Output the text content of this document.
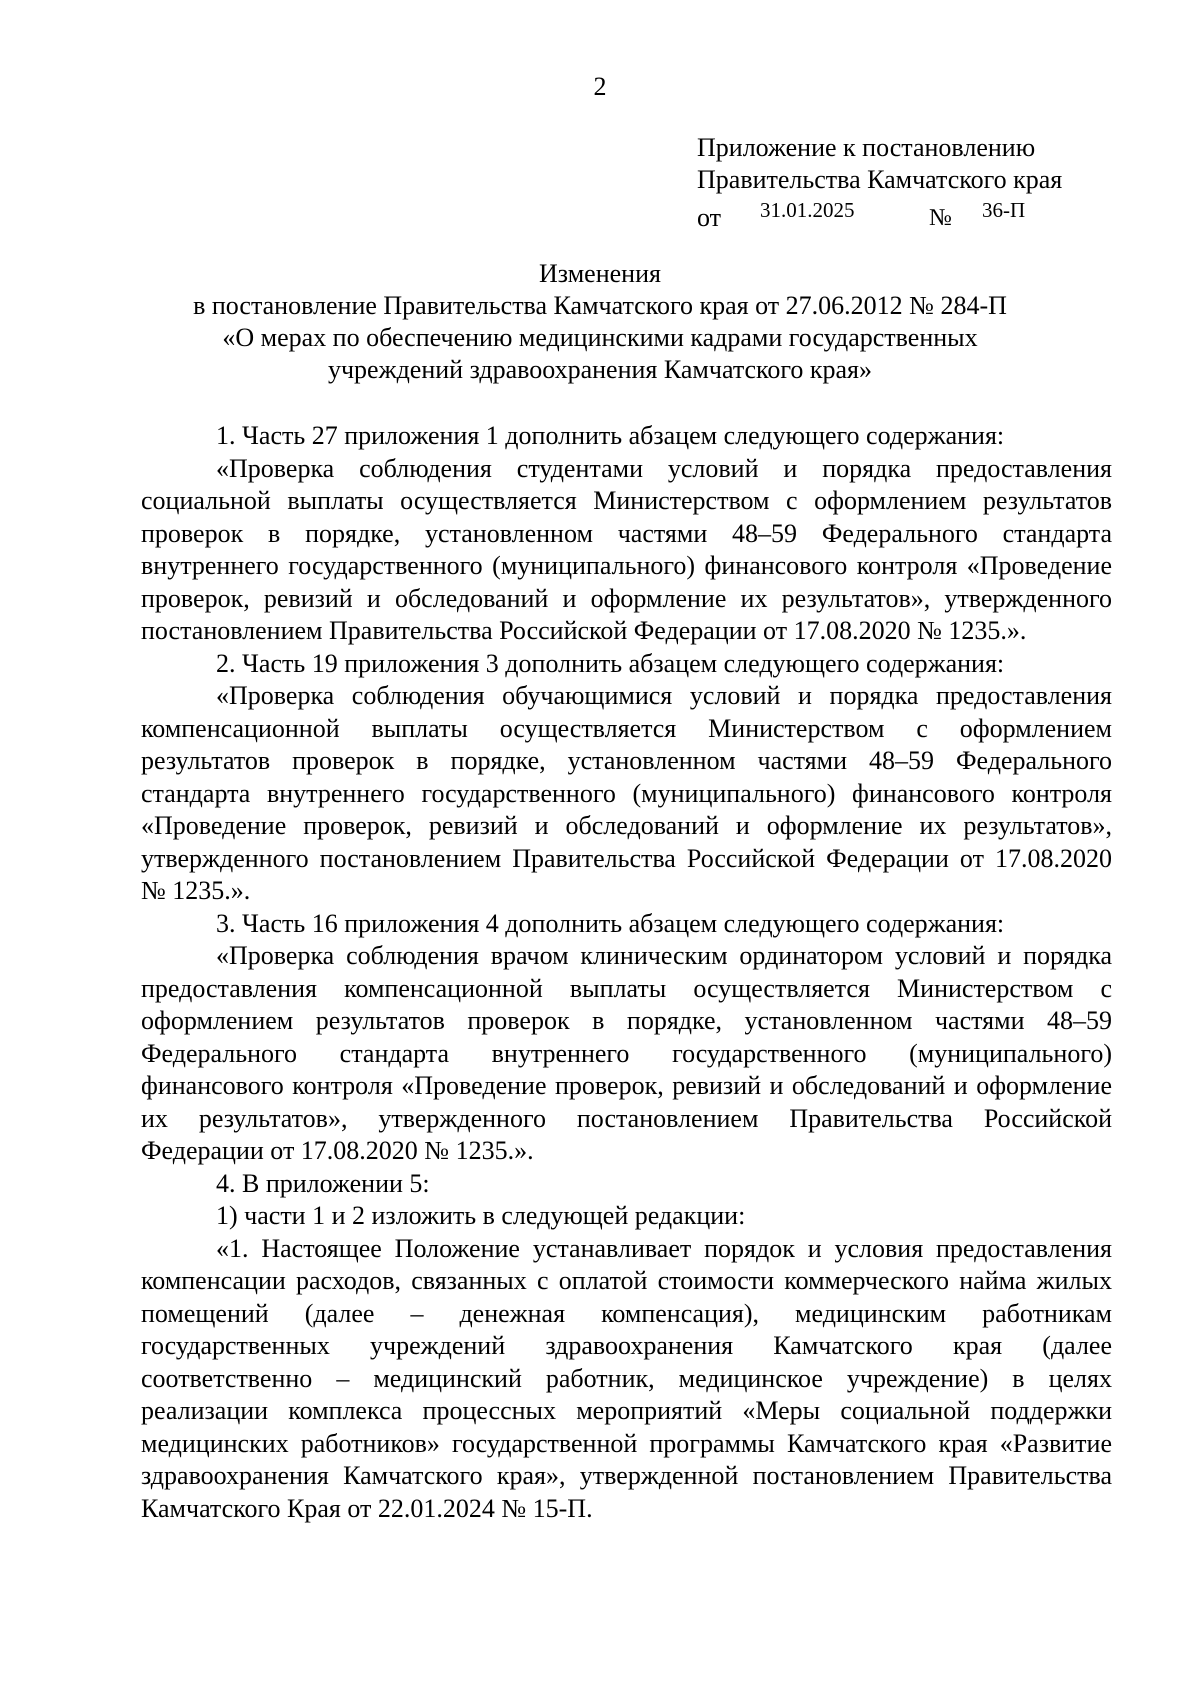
2
Приложение к постановлению
Правительства Камчатского края
от 31.01.2025	№ 36-П
Изменения
в постановление Правительства Камчатского края от 27.06.2012 № 284-П
«О мерах по обеспечению медицинскими кадрами государственных
учреждений здравоохранения Камчатского края»

1. Часть 27 приложения 1 дополнить абзацем следующего содержания:

«Проверка соблюдения студентами условий и порядка предоставления социальной выплаты осуществляется Министерством с оформлением результатов проверок в порядке, установленном частями 48–59 Федерального стандарта внутреннего государственного (муниципального) финансового контроля «Проведение проверок, ревизий и обследований и оформление их результатов», утвержденного постановлением Правительства Российской Федерации от 17.08.2020 № 1235.».

2. Часть 19 приложения 3 дополнить абзацем следующего содержания:

«Проверка соблюдения обучающимися условий и порядка предоставления компенсационной выплаты осуществляется Министерством с оформлением результатов проверок в порядке, установленном частями 48–59 Федерального стандарта внутреннего государственного (муниципального) финансового контроля «Проведение проверок, ревизий и обследований и оформление их результатов», утвержденного постановлением Правительства Российской Федерации от 17.08.2020 № 1235.».

3. Часть 16 приложения 4 дополнить абзацем следующего содержания:

«Проверка соблюдения врачом клиническим ординатором условий и порядка предоставления компенсационной выплаты осуществляется Министерством с оформлением результатов проверок в порядке, установленном частями 48–59 Федерального стандарта внутреннего государственного (муниципального) финансового контроля «Проведение проверок, ревизий и обследований и оформление их результатов», утвержденного постановлением Правительства Российской Федерации от 17.08.2020 № 1235.».

4. В приложении 5:

1) части 1 и 2 изложить в следующей редакции:

«1. Настоящее Положение устанавливает порядок и условия предоставления компенсации расходов, связанных с оплатой стоимости коммерческого найма жилых помещений (далее – денежная компенсация), медицинским работникам государственных учреждений здравоохранения Камчатского края (далее соответственно – медицинский работник, медицинское учреждение) в целях реализации комплекса процессных мероприятий «Меры социальной поддержки медицинских работников» государственной программы Камчатского края «Развитие здравоохранения Камчатского края», утвержденной постановлением Правительства Камчатского Края от 22.01.2024 № 15-П.
